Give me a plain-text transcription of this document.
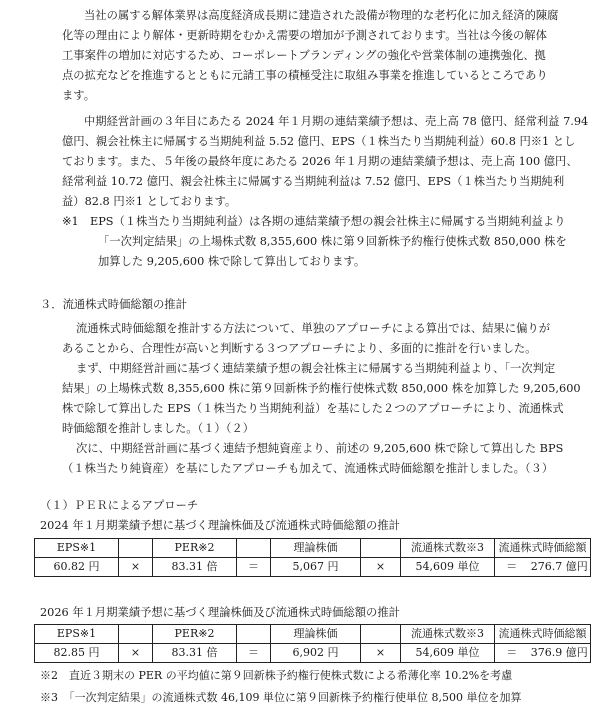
当社の属する解体業界は高度経済成長期に建造された設備が物理的な老朽化に加え経済的陳腐
化等の理由により解体・更新時期をむかえ需要の増加が予測されております。当社は今後の解体
工事案件の増加に対応するため、コーポレートブランディングの強化や営業体制の連携強化、拠
点の拡充などを推進するとともに元請工事の積極受注に取組み事業を推進しているところであり
ます。
中期経営計画の３年目にあたる 2024 年１月期の連結業績予想は、売上高 78 億円、経常利益 7.94
億円、親会社株主に帰属する当期純利益 5.52 億円、EPS（１株当たり当期純利益）60.8 円※1 とし
ております。また、５年後の最終年度にあたる 2026 年１月期の連結業績予想は、売上高 100 億円、
経常利益 10.72 億円、親会社株主に帰属する当期純利益は 7.52 億円、EPS（１株当たり当期純利
益）82.8 円※1 としております。
※1　EPS（１株当たり当期純利益）は各期の連結業績予想の親会社株主に帰属する当期純利益より
「一次判定結果」の上場株式数 8,355,600 株に第９回新株予約権行使株式数 850,000 株を
加算した 9,205,600 株で除して算出しております。
３．流通株式時価総額の推計
流通株式時価総額を推計する方法について、単独のアプローチによる算出では、結果に偏りが
あることから、合理性が高いと判断する３つアプローチにより、多面的に推計を行いました。
まず、中期経営計画に基づく連結業績予想の親会社株主に帰属する当期純利益より、「一次判定
結果」の上場株式数 8,355,600 株に第９回新株予約権行使株式数 850,000 株を加算した 9,205,600
株で除して算出した EPS（１株当たり当期純利益）を基にした２つのアプローチにより、流通株式
時価総額を推計しました。（１）（２）
次に、中期経営計画に基づく連結予想純資産より、前述の 9,205,600 株で除して算出した BPS
（１株当たり純資産）を基にしたアプローチも加えて、流通株式時価総額を推計しました。（３）
（１）ＰＥＲによるアプローチ
2024 年１月期業績予想に基づく理論株価及び流通株式時価総額の推計
EPS※1		PER※2		理論株価		流通株式数※3	流通株式時価総額	
60.82 円	×	83.31 倍	＝	5,067 円	×	54,609 単位	＝	276.7 億円
2026 年１月期業績予想に基づく理論株価及び流通株式時価総額の推計
EPS※1		PER※2		理論株価		流通株式数※3	流通株式時価総額	
82.85 円	×	83.31 倍	＝	6,902 円	×	54,609 単位	＝	376.9 億円
※2　直近３期末の PER の平均値に第９回新株予約権行使株式数による希薄化率 10.2%を考慮
※3　「一次判定結果」の流通株式数 46,109 単位に第９回新株予約権行使単位 8,500 単位を加算
